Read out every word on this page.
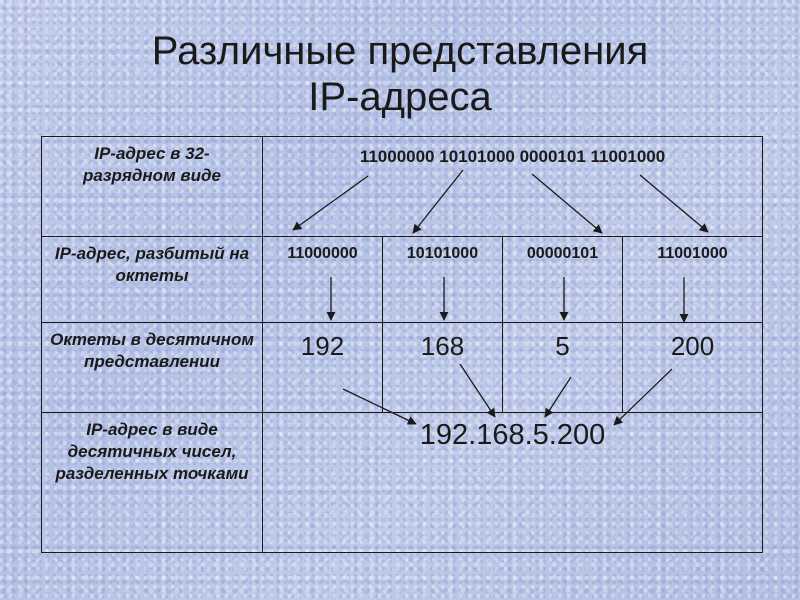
Различные представления
IP-адреса
IP-адрес в 32-разрядном виде	11000000 10101000 0000101 11001000			
IP-адрес, разбитый на октеты	11000000	10101000	00000101	11001000
Октеты в десятичном представлении	192	168	5	200
IP-адрес в виде десятичных чисел, разделенных точками	192.168.5.200			
